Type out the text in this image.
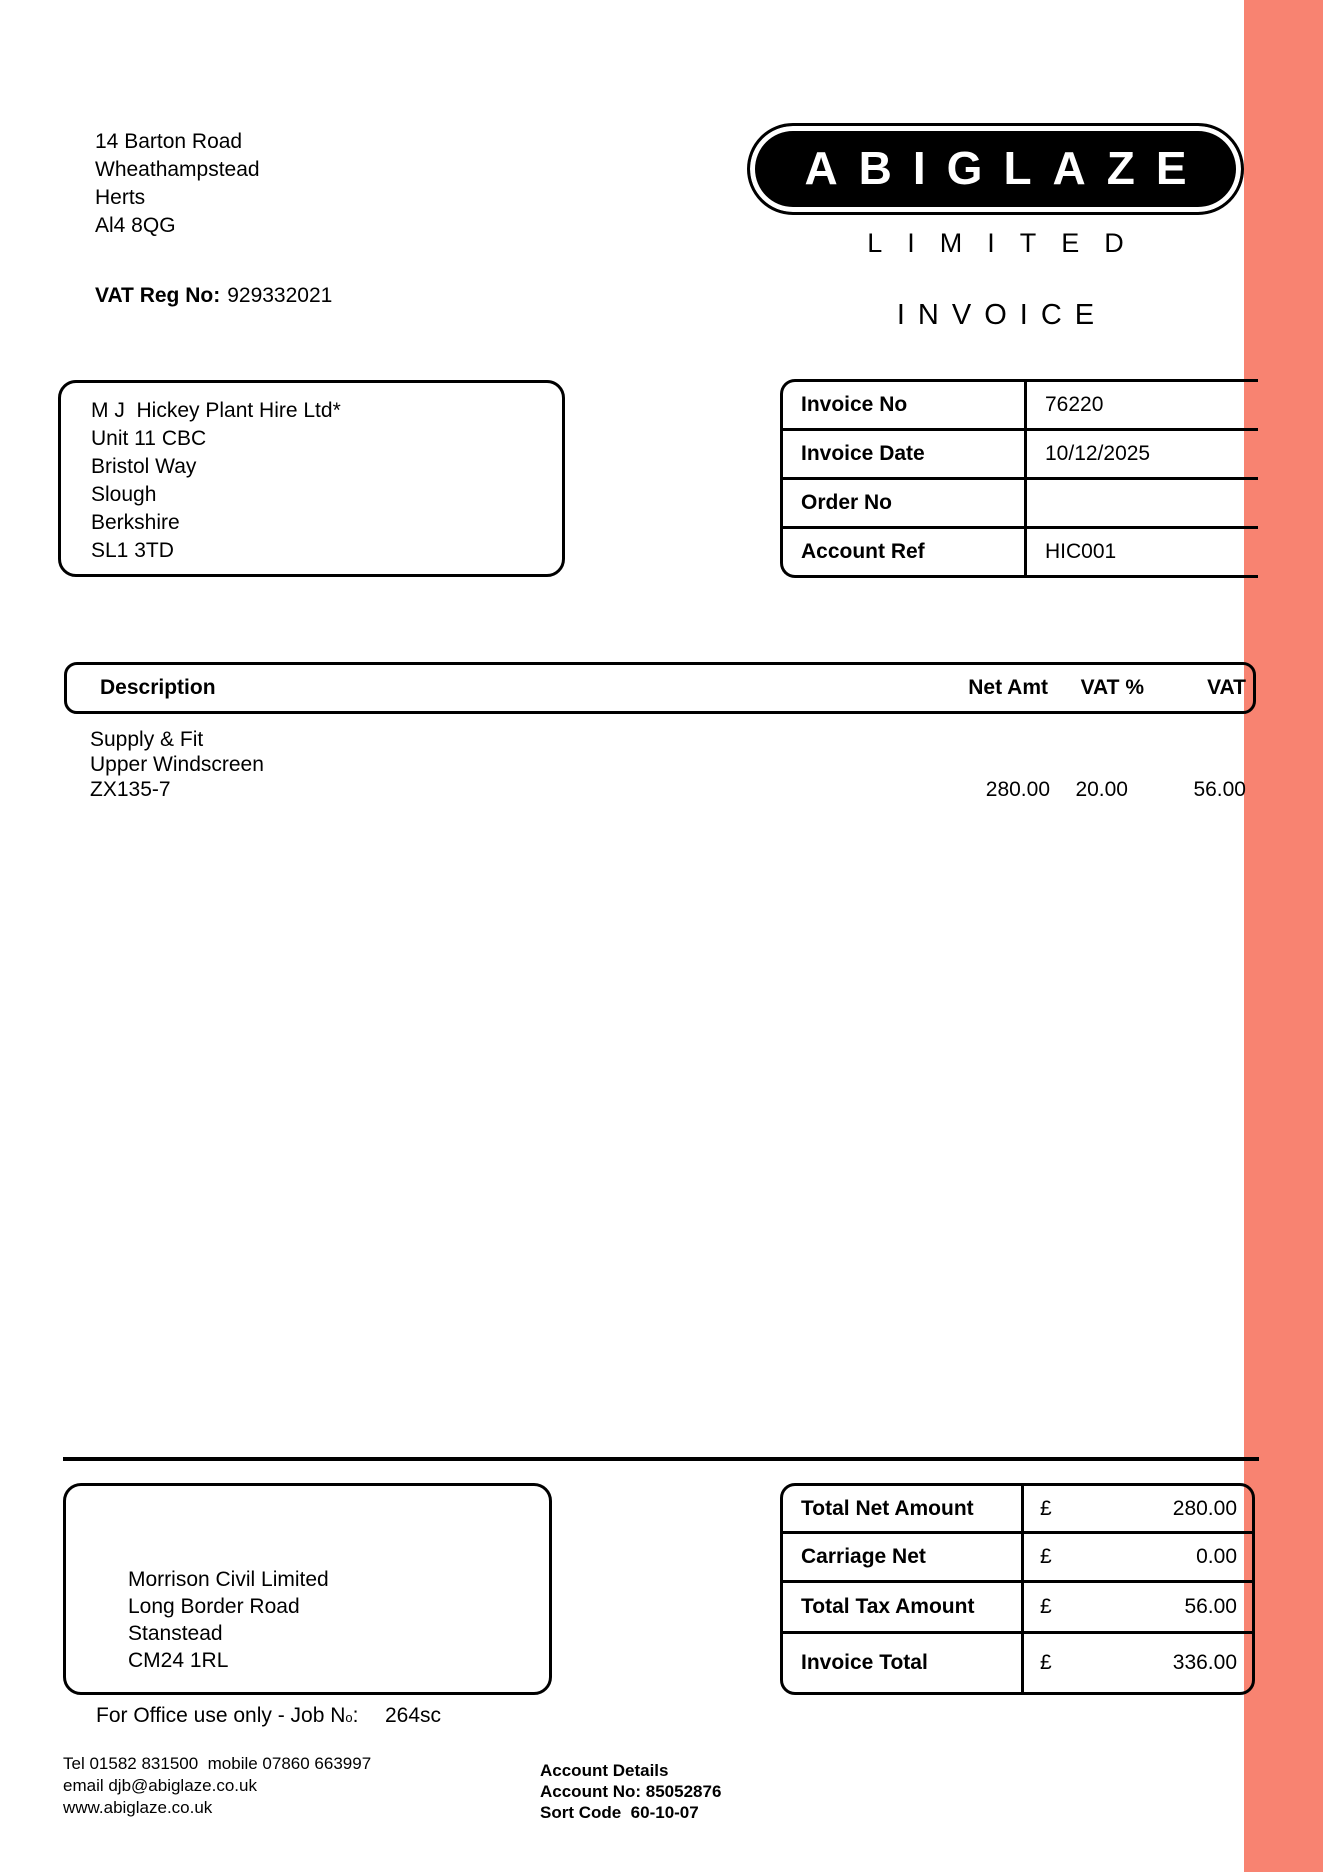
14 Barton Road
Wheathampstead
Herts
Al4 8QG
VAT Reg No: 929332021
ABIGLAZE
LIMITED
INVOICE
M J  Hickey Plant Hire Ltd*
Unit 11 CBC
Bristol Way
Slough
Berkshire
SL1 3TD
Invoice No	76220
Invoice Date	10/12/2025
Order No
Account Ref	HIC001
Description	Net Amt VAT %	VAT
Supply & Fit
Upper Windscreen
ZX135-7	280.00 20.00	56.00
Morrison Civil Limited
Long Border Road
Stanstead
CM24 1RL
For Office use only - Job No: 264sc
Total Net Amount	£	280.00
Carriage Net	£	0.00
Total Tax Amount	£	56.00
Invoice Total	£	336.00
Tel 01582 831500  mobile 07860 663997
email djb@abiglaze.co.uk
www.abiglaze.co.uk
Account Details
Account No: 85052876
Sort Code  60-10-07
